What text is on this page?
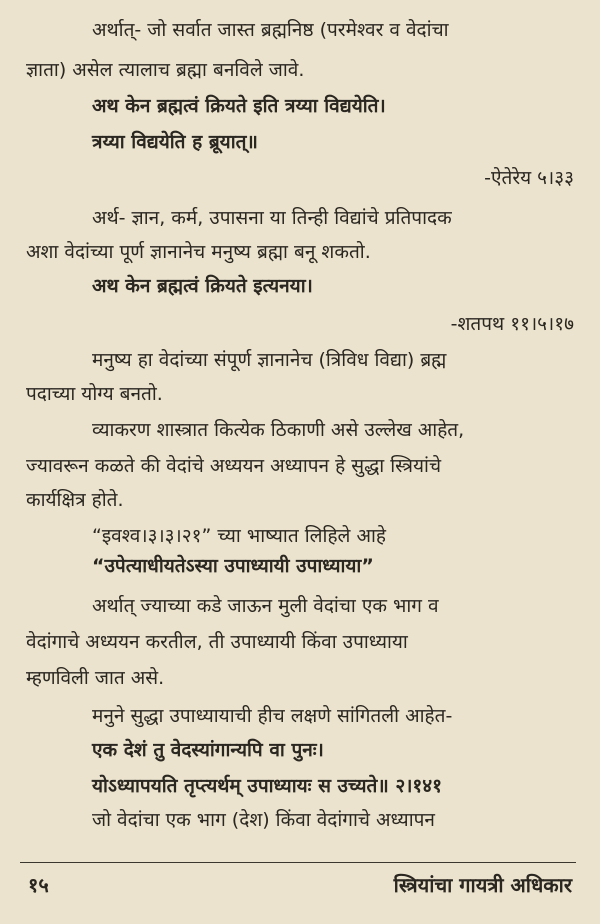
अर्थात्- जो सर्वात जास्त ब्रह्मनिष्ठ (परमेश्वर व वेदांचा
ज्ञाता) असेल त्यालाच ब्रह्मा बनविले जावे.
अथ केन ब्रह्मत्वं क्रियते इति त्रय्या विद्ययेति।
त्रय्या विद्ययेति ह ब्रूयात्॥
-ऐतेरेय ५।३३
अर्थ- ज्ञान, कर्म, उपासना या तिन्ही विद्यांचे प्रतिपादक
अशा वेदांच्या पूर्ण ज्ञानानेच मनुष्य ब्रह्मा बनू शकतो.
अथ केन ब्रह्मत्वं क्रियते इत्यनया।
-शतपथ ११।५।१७
मनुष्य हा वेदांच्या संपूर्ण ज्ञानानेच (त्रिविध विद्या) ब्रह्म
पदाच्या योग्य बनतो.
व्याकरण शास्त्रात कित्येक ठिकाणी असे उल्लेख आहेत,
ज्यावरून कळते की वेदांचे अध्ययन अध्यापन हे सुद्धा स्त्रियांचे
कार्यक्षित्र होते.
“इवश्व।३।३।२१” च्या भाष्यात लिहिले आहे
“उपेत्याधीयतेऽस्या उपाध्यायी उपाध्याया”
अर्थात् ज्याच्या कडे जाऊन मुली वेदांचा एक भाग व
वेदांगाचे अध्ययन करतील, ती उपाध्यायी किंवा उपाध्याया
म्हणविली जात असे.
मनुने सुद्धा उपाध्यायाची हीच लक्षणे सांगितली आहेत-
एक देशं तु वेदस्यांगान्यपि वा पुनः।
योऽध्यापयति तृप्त्यर्थम् उपाध्यायः स उच्यते॥ २।१४१
जो वेदांचा एक भाग (देश) किंवा वेदांगाचे अध्यापन
१५	स्त्रियांचा गायत्री अधिकार
